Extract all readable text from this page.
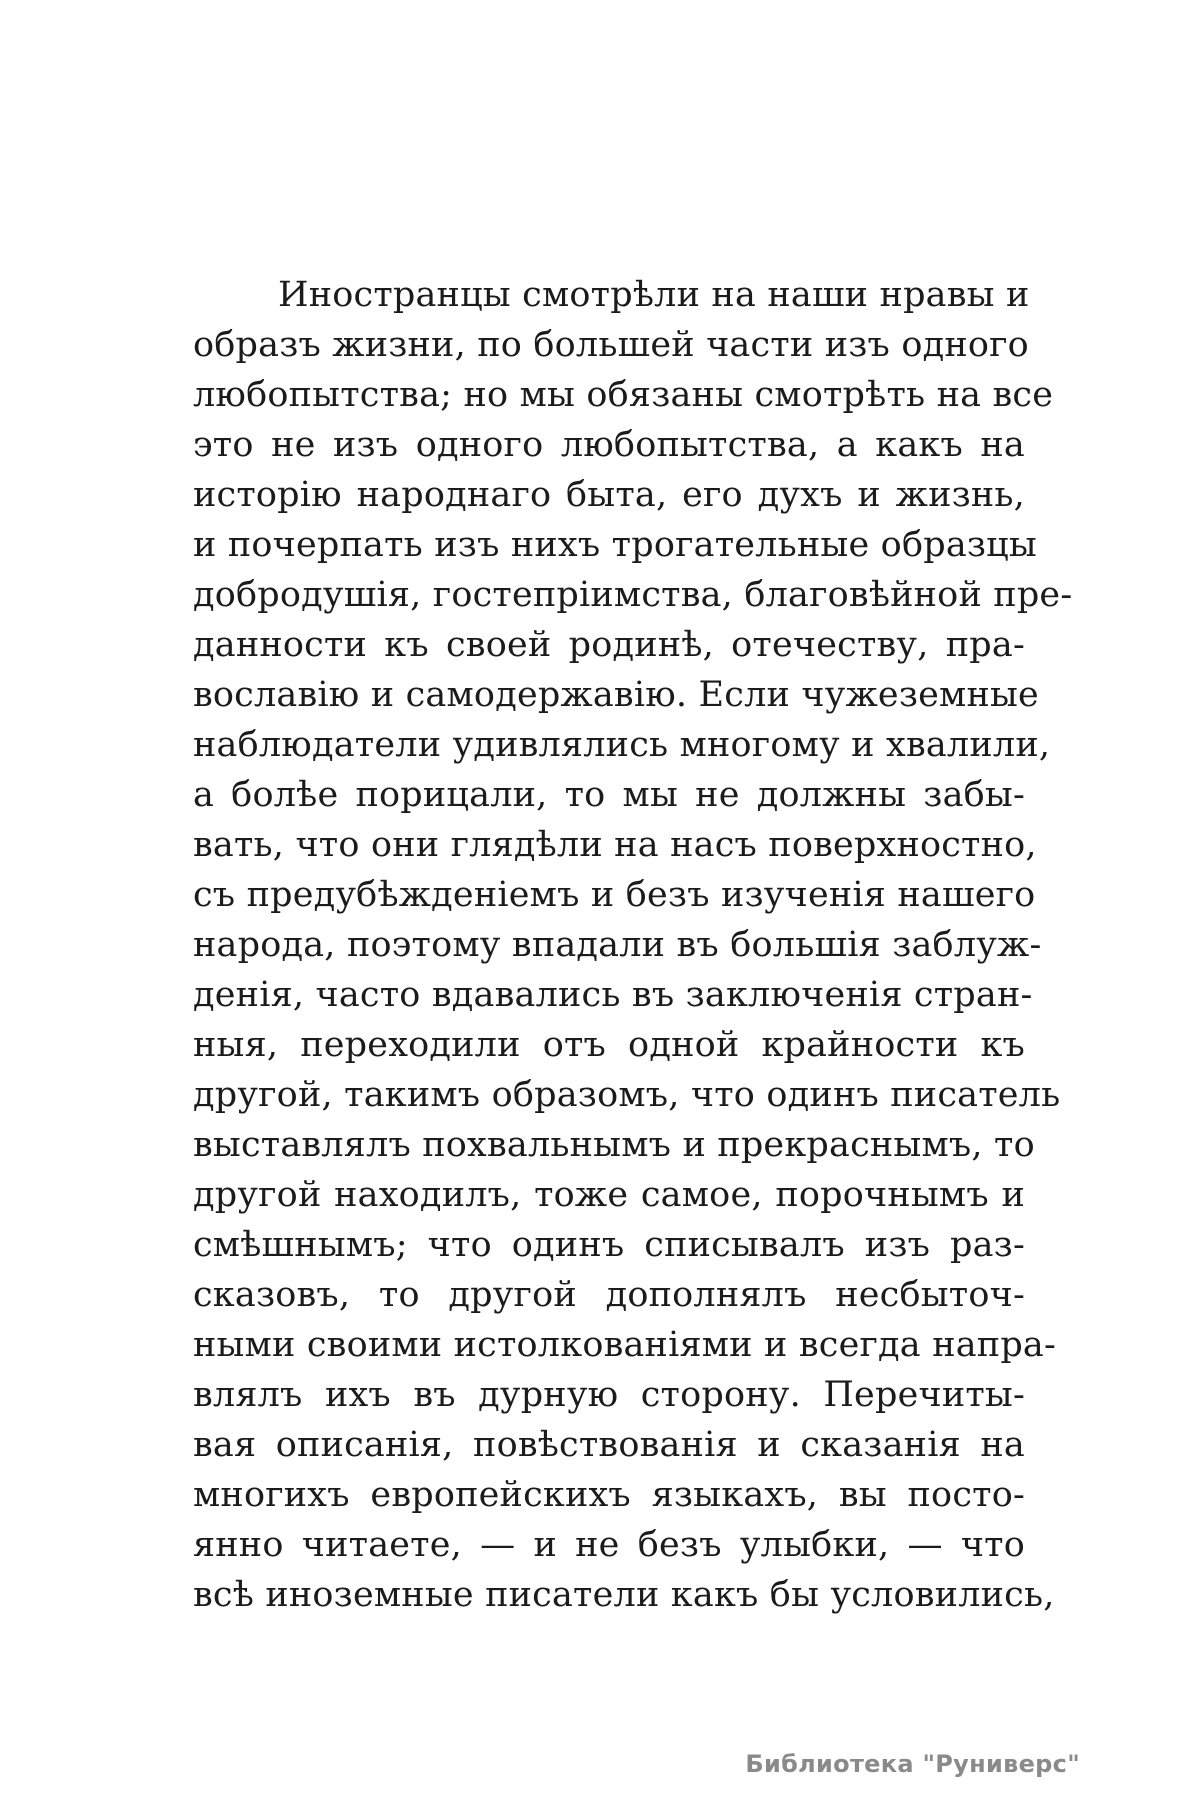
Иностранцы смотрѣли на наши нравы и
образъ жизни, по большей части изъ одного
любопытства; но мы обязаны смотрѣть на все
это не изъ одного любопытства, а какъ на
исторію народнаго быта, его духъ и жизнь,
и почерпать изъ нихъ трогательные образцы
добродушія, гостепріимства, благовѣйной пре-
данности къ своей родинѣ, отечеству, пра-
вославію и самодержавію. Если чужеземные
наблюдатели удивлялись многому и хвалили,
а болѣе порицали, то мы не должны забы-
вать, что они глядѣли на насъ поверхностно,
съ предубѣжденіемъ и безъ изученія нашего
народа, поэтому впадали въ большія заблуж-
денія, часто вдавались въ заключенія стран-
ныя, переходили отъ одной крайности къ
другой, такимъ образомъ, что одинъ писатель
выставлялъ похвальнымъ и прекраснымъ, то
другой находилъ, тоже самое, порочнымъ и
смѣшнымъ; что одинъ списывалъ изъ раз-
сказовъ, то другой дополнялъ несбыточ-
ными своими истолкованіями и всегда напра-
влялъ ихъ въ дурную сторону. Перечиты-
вая описанія, повѣствованія и сказанія на
многихъ европейскихъ языкахъ, вы посто-
янно читаете, — и не безъ улыбки, — что
всѣ иноземные писатели какъ бы условились,
Библиотека "Руниверс"
